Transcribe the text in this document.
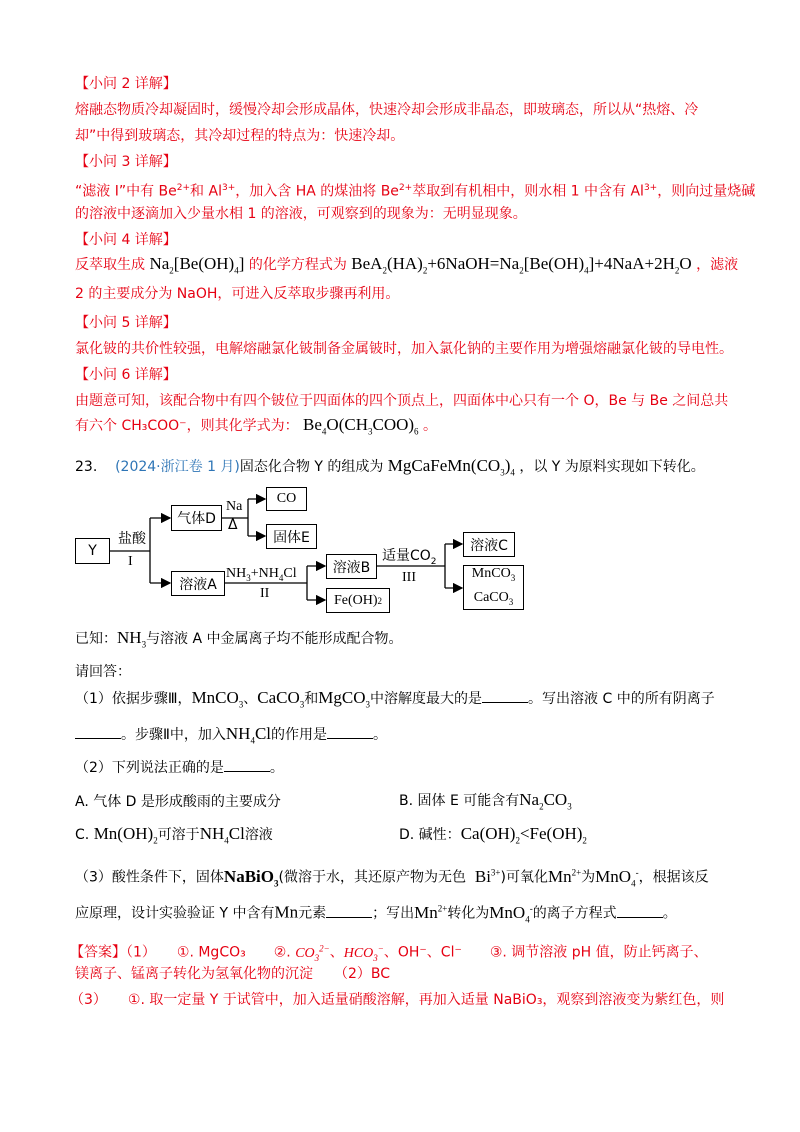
【小问 2 详解】
熔融态物质冷却凝固时，缓慢冷却会形成晶体，快速冷却会形成非晶态，即玻璃态，所以从“热熔、冷
却”中得到玻璃态，其冷却过程的特点为：快速冷却。
【小问 3 详解】
“滤液 I”中有 $Be^{2+}$和 $Al^{3+}$，加入含 HA 的煤油将 $Be^{2+}$萃取到有机相中，则水相 1 中含有 $Al^{3+}$，则向过量烧碱
的溶液中逐滴加入少量水相 1 的溶液，可观察到的现象为：无明显现象。
【小问 4 详解】
反萃取生成 $Na_2[Be(OH)_4]$ 的化学方程式为 $BeA_2(HA)_2+6NaOH=Na_2[Be(OH)_4]+4NaA+2H_2O$ ，滤液
2 的主要成分为 NaOH，可进入反萃取步骤再利用。
【小问 5 详解】
氯化铍的共价性较强，电解熔融氯化铍制备金属铍时，加入氯化钠的主要作用为增强熔融氯化铍的导电性。
【小问 6 详解】
由题意可知，该配合物中有四个铍位于四面体的四个顶点上，四面体中心只有一个 O，Be 与 Be 之间总共
有六个 CH₃COO⁻，则其化学式为： $Be_4O(CH_3COO)_6$ 。
23. (2024·浙江卷 1 月)固态化合物 Y 的组成为 $MgCaFeMn(CO_3)_4$ ，以 Y 为原料实现如下转化。
Y
盐酸
I
气体D
Na
Δ
CO
固体E
溶液A
$NH_3+NH_4Cl$
II
溶液B
Fe(OH) 2
适量$CO_2$
III
溶液C
MnCO$_3$
CaCO$_3$
已知：$NH_3$与溶液 A 中金属离子均不能形成配合物。
请回答：
（1）依据步骤Ⅲ，MnCO$_3$、CaCO$_3$和MgCO$_3$中溶解度最大的是	。写出溶液 C 中的所有阴离子
。步骤Ⅱ中，加入$NH_4Cl$的作用是	。
（2）下列说法正确的是	。
A. 气体 D 是形成酸雨的主要成分	B. 固体 E 可能含有$Na_2CO_3$
C. $Mn(OH)_2$可溶于$NH_4Cl$溶液	D. 碱性：$Ca(OH)_2<Fe(OH)_2$
（3）酸性条件下，固体NaBiO$_3$(微溶于水，其还原产物为无色 $Bi^{3+}$)可氧化$Mn^{2+}$为MnO$_4$-，根据该反
应原理，设计实验验证 Y 中含有Mn元素	；写出$Mn^{2+}$转化为MnO$_4$-的离子方程式	。
【答案】（1）　　①. MgCO₃　　②. $CO_3^{2-}$、$HCO_3^-$、OH⁻、Cl⁻　　③. 调节溶液 pH 值，防止钙离子、
镁离子、锰离子转化为氢氧化物的沉淀　　（2）BC
（3）　　①. 取一定量 Y 于试管中，加入适量硝酸溶解，再加入适量 NaBiO₃，观察到溶液变为紫红色，则
